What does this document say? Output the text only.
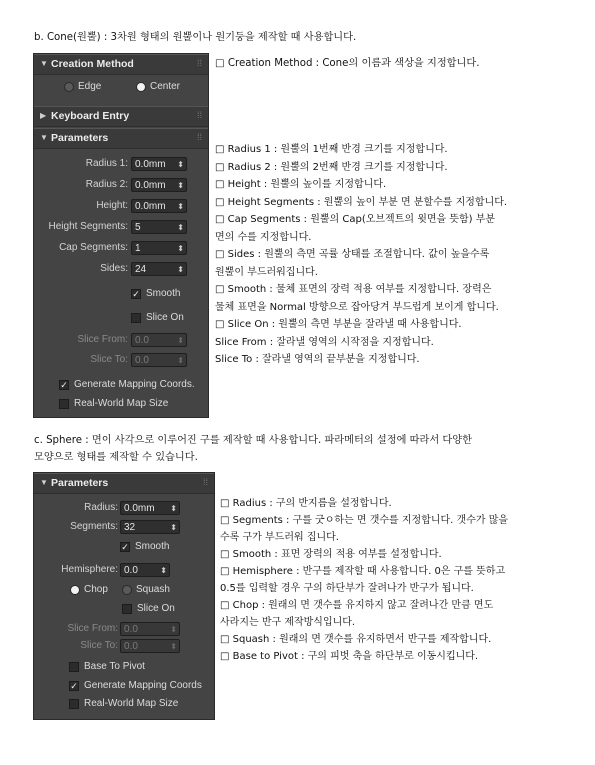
b. Cone(원뿔) : 3차원 형태의 원뿔이나 원기둥을 제작할 때 사용합니다.
▼ Creation Method	⁞⁞
Edge	Center
▶ Keyboard Entry	⁞⁞
▼ Parameters	⁞⁞
Radius 1: 0.0mm ⬍
Radius 2: 0.0mm ⬍
Height: 0.0mm ⬍
Height Segments: 5	⬍
Cap Segments: 1	⬍
Sides: 24	⬍
✓ Smooth
Slice On
Slice From: 0.0	⬍
Slice To: 0.0	⬍
✓ Generate Mapping Coords.
Real-World Map Size
□ Creation Method : Cone의 이름과 색상을 지정합니다.
□ Radius 1 : 원뿔의 1번째 반경 크기를 지정합니다.
□ Radius 2 : 원뿔의 2번째 반경 크기를 지정합니다.
□ Height : 원뿔의 높이를 지정합니다.
□ Height Segments : 원뿔의 높이 부분 면 분할수를 지정합니다.
□ Cap Segments : 원뿔의 Cap(오브젝트의 윗면을 뜻함) 부분
면의 수를 지정합니다.
□ Sides : 원뿔의 측면 곡률 상태를 조절합니다. 값이 높을수록
원뿔이 부드러워집니다.
□ Smooth : 물체 표면의 장력 적용 여부를 지정합니다. 장력은
물체 표면을 Normal 방향으로 잡아당겨 부드럽게 보이게 합니다.
□ Slice On : 원뿔의 측면 부분을 잘라낼 때 사용합니다.
Slice From : 잘라낼 영역의 시작점을 지정합니다.
Slice To : 잘라낼 영역의 끝부분을 지정합니다.
c. Sphere : 면이 사각으로 이루어진 구를 제작할 때 사용합니다. 파라메터의 설정에 따라서 다양한
모양으로 형태를 제작할 수 있습니다.
▼ Parameters	⁞⁞
Radius: 0.0mm ⬍
Segments: 32	⬍
✓ Smooth
Hemisphere: 0.0	⬍
Chop	Squash
Slice On
Slice From: 0.0	⬍
Slice To: 0.0	⬍
Base To Pivot
✓ Generate Mapping Coords
Real-World Map Size
□ Radius : 구의 반지름을 설정합니다.
□ Segments : 구를 굿ㅇ하는 면 갯수를 지정합니다. 갯수가 많을
수록 구가 부드러워 집니다.
□ Smooth : 표면 장력의 적용 여부를 설정합니다.
□ Hemisphere : 반구를 제작할 때 사용합니다. 0은 구를 뜻하고
0.5를 입력할 경우 구의 하단부가 잘려나가 반구가 됩니다.
□ Chop : 원래의 면 갯수를 유지하지 않고 잘려나간 만큼 면도
사라지는 반구 제작방식입니다.
□ Squash : 원래의 면 갯수를 유지하면서 반구를 제작합니다.
□ Base to Pivot : 구의 피벗 축을 하단부로 이동시킵니다.
